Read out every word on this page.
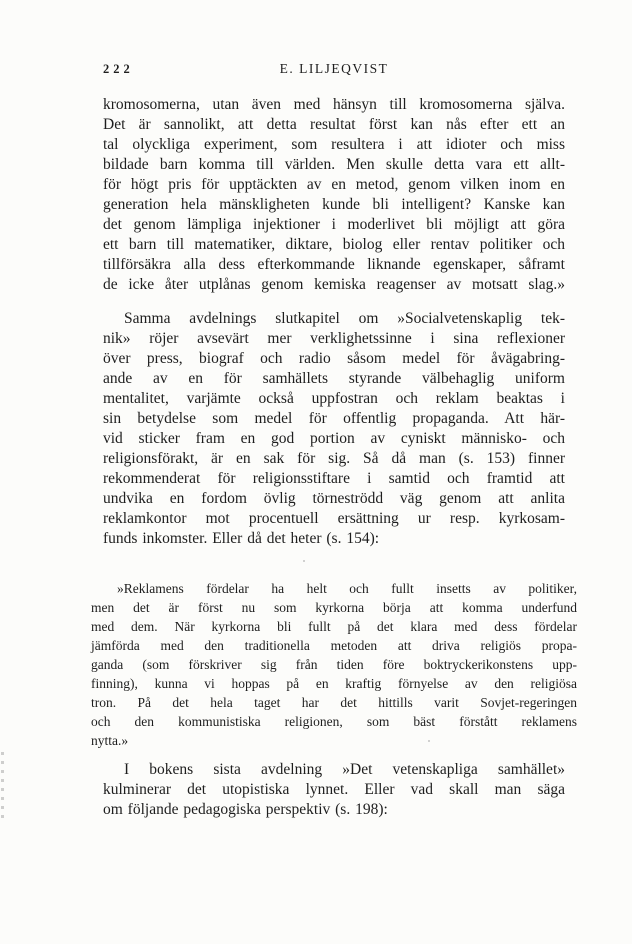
222	E. LILJEQVIST
kromosomerna, utan även med hänsyn till kromosomerna själva.
Det är sannolikt, att detta resultat först kan nås efter ett an
tal olyckliga experiment, som resultera i att idioter och miss
bildade barn komma till världen. Men skulle detta vara ett allt-
för högt pris för upptäckten av en metod, genom vilken inom en
generation hela mänskligheten kunde bli intelligent? Kanske kan
det genom lämpliga injektioner i moderlivet bli möjligt att göra
ett barn till matematiker, diktare, biolog eller rentav politiker och
tillförsäkra alla dess efterkommande liknande egenskaper, såframt
de icke åter utplånas genom kemiska reagenser av motsatt slag.»
Samma avdelnings slutkapitel om »Socialvetenskaplig tek-
nik» röjer avsevärt mer verklighetssinne i sina reflexioner
över press, biograf och radio såsom medel för åvägabring-
ande av en för samhällets styrande välbehaglig uniform
mentalitet, varjämte också uppfostran och reklam beaktas i
sin betydelse som medel för offentlig propaganda. Att här-
vid sticker fram en god portion av cyniskt människo- och
religionsförakt, är en sak för sig. Så då man (s. 153) finner
rekommenderat för religionsstiftare i samtid och framtid att
undvika en fordom övlig törneströdd väg genom att anlita
reklamkontor mot procentuell ersättning ur resp. kyrkosam-
funds inkomster. Eller då det heter (s. 154):
»Reklamens fördelar ha helt och fullt insetts av politiker,
men det är först nu som kyrkorna börja att komma underfund
med dem. När kyrkorna bli fullt på det klara med dess fördelar
jämförda med den traditionella metoden att driva religiös propa-
ganda (som förskriver sig från tiden före boktryckerikonstens upp-
finning), kunna vi hoppas på en kraftig förnyelse av den religiösa
tron. På det hela taget har det hittills varit Sovjet-regeringen
och den kommunistiska religionen, som bäst förstått reklamens
nytta.»
I bokens sista avdelning »Det vetenskapliga samhället»
kulminerar det utopistiska lynnet. Eller vad skall man säga
om följande pedagogiska perspektiv (s. 198):
